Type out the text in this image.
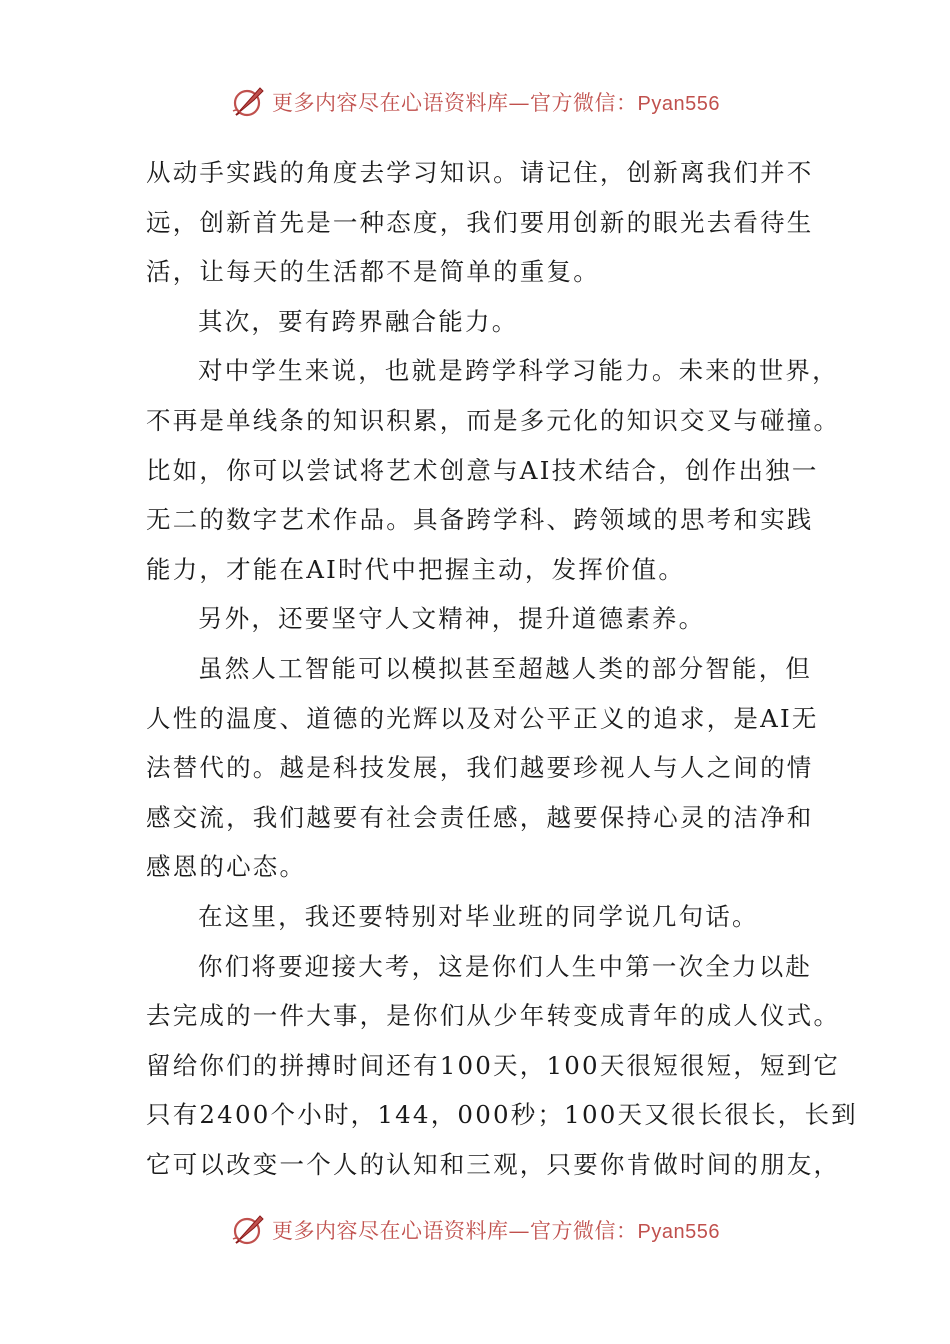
更多内容尽在心语资料库—官方微信：Pyan556
从动手实践的角度去学习知识。请记住，创新离我们并不
远，创新首先是一种态度，我们要用创新的眼光去看待生
活，让每天的生活都不是简单的重复。
其次，要有跨界融合能力。
对中学生来说，也就是跨学科学习能力。未来的世界，
不再是单线条的知识积累，而是多元化的知识交叉与碰撞。
比如，你可以尝试将艺术创意与AI技术结合，创作出独一
无二的数字艺术作品。具备跨学科、跨领域的思考和实践
能力，才能在AI时代中把握主动，发挥价值。
另外，还要坚守人文精神，提升道德素养。
虽然人工智能可以模拟甚至超越人类的部分智能，但
人性的温度、道德的光辉以及对公平正义的追求，是AI无
法替代的。越是科技发展，我们越要珍视人与人之间的情
感交流，我们越要有社会责任感，越要保持心灵的洁净和
感恩的心态。
在这里，我还要特别对毕业班的同学说几句话。
你们将要迎接大考，这是你们人生中第一次全力以赴
去完成的一件大事，是你们从少年转变成青年的成人仪式。
留给你们的拼搏时间还有100天，100天很短很短，短到它
只有2400个小时，144，000秒；100天又很长很长，长到
它可以改变一个人的认知和三观，只要你肯做时间的朋友，
更多内容尽在心语资料库—官方微信：Pyan556
